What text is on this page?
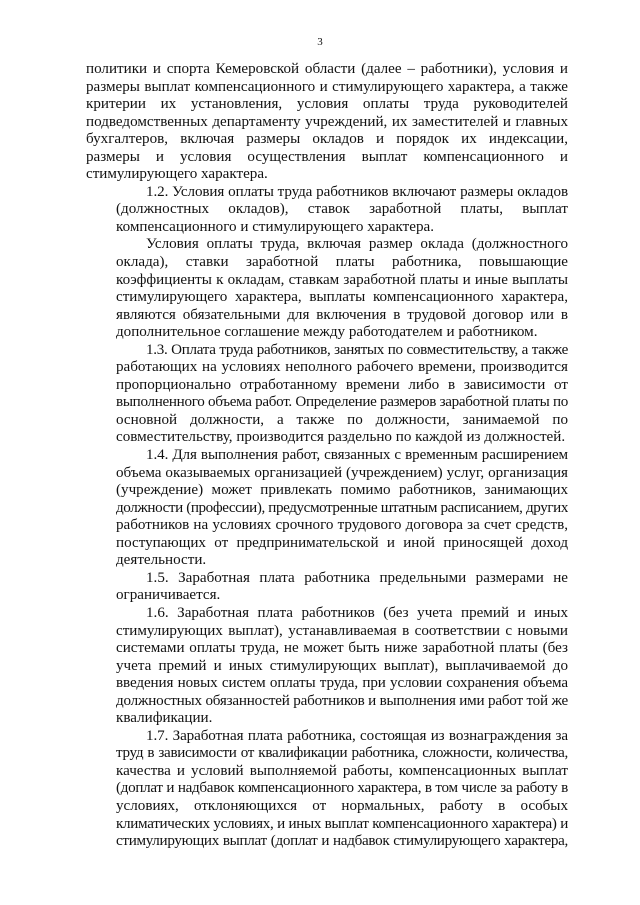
3
политики и спорта Кемеровской области (далее – работники), условия и
размеры выплат компенсационного и стимулирующего характера, а также
критерии их установления, условия оплаты труда руководителей
подведомственных департаменту учреждений, их заместителей и главных
бухгалтеров, включая размеры окладов и порядок их индексации,
размеры и условия осуществления выплат компенсационного и
стимулирующего характера.
1.2. Условия оплаты труда работников включают размеры окладов
(должностных окладов), ставок заработной платы, выплат
компенсационного и стимулирующего характера.
Условия оплаты труда, включая размер оклада (должностного
оклада), ставки заработной платы работника, повышающие
коэффициенты к окладам, ставкам заработной платы и иные выплаты
стимулирующего характера, выплаты компенсационного характера,
являются обязательными для включения в трудовой договор или в
дополнительное соглашение между работодателем и работником.
1.3. Оплата труда работников, занятых по совместительству, а также
работающих на условиях неполного рабочего времени, производится
пропорционально отработанному времени либо в зависимости от
выполненного объема работ. Определение размеров заработной платы по
основной должности, а также по должности, занимаемой по
совместительству, производится раздельно по каждой из должностей.
1.4. Для выполнения работ, связанных с временным расширением
объема оказываемых организацией (учреждением) услуг, организация
(учреждение) может привлекать помимо работников, занимающих
должности (профессии), предусмотренные штатным расписанием, других
работников на условиях срочного трудового договора за счет средств,
поступающих от предпринимательской и иной приносящей доход
деятельности.
1.5. Заработная плата работника предельными размерами не
ограничивается.
1.6. Заработная плата работников (без учета премий и иных
стимулирующих выплат), устанавливаемая в соответствии с новыми
системами оплаты труда, не может быть ниже заработной платы (без
учета премий и иных стимулирующих выплат), выплачиваемой до
введения новых систем оплаты труда, при условии сохранения объема
должностных обязанностей работников и выполнения ими работ той же
квалификации.
1.7. Заработная плата работника, состоящая из вознаграждения за
труд в зависимости от квалификации работника, сложности, количества,
качества и условий выполняемой работы, компенсационных выплат
(доплат и надбавок компенсационного характера, в том числе за работу в
условиях, отклоняющихся от нормальных, работу в особых
климатических условиях, и иных выплат компенсационного характера) и
стимулирующих выплат (доплат и надбавок стимулирующего характера,
